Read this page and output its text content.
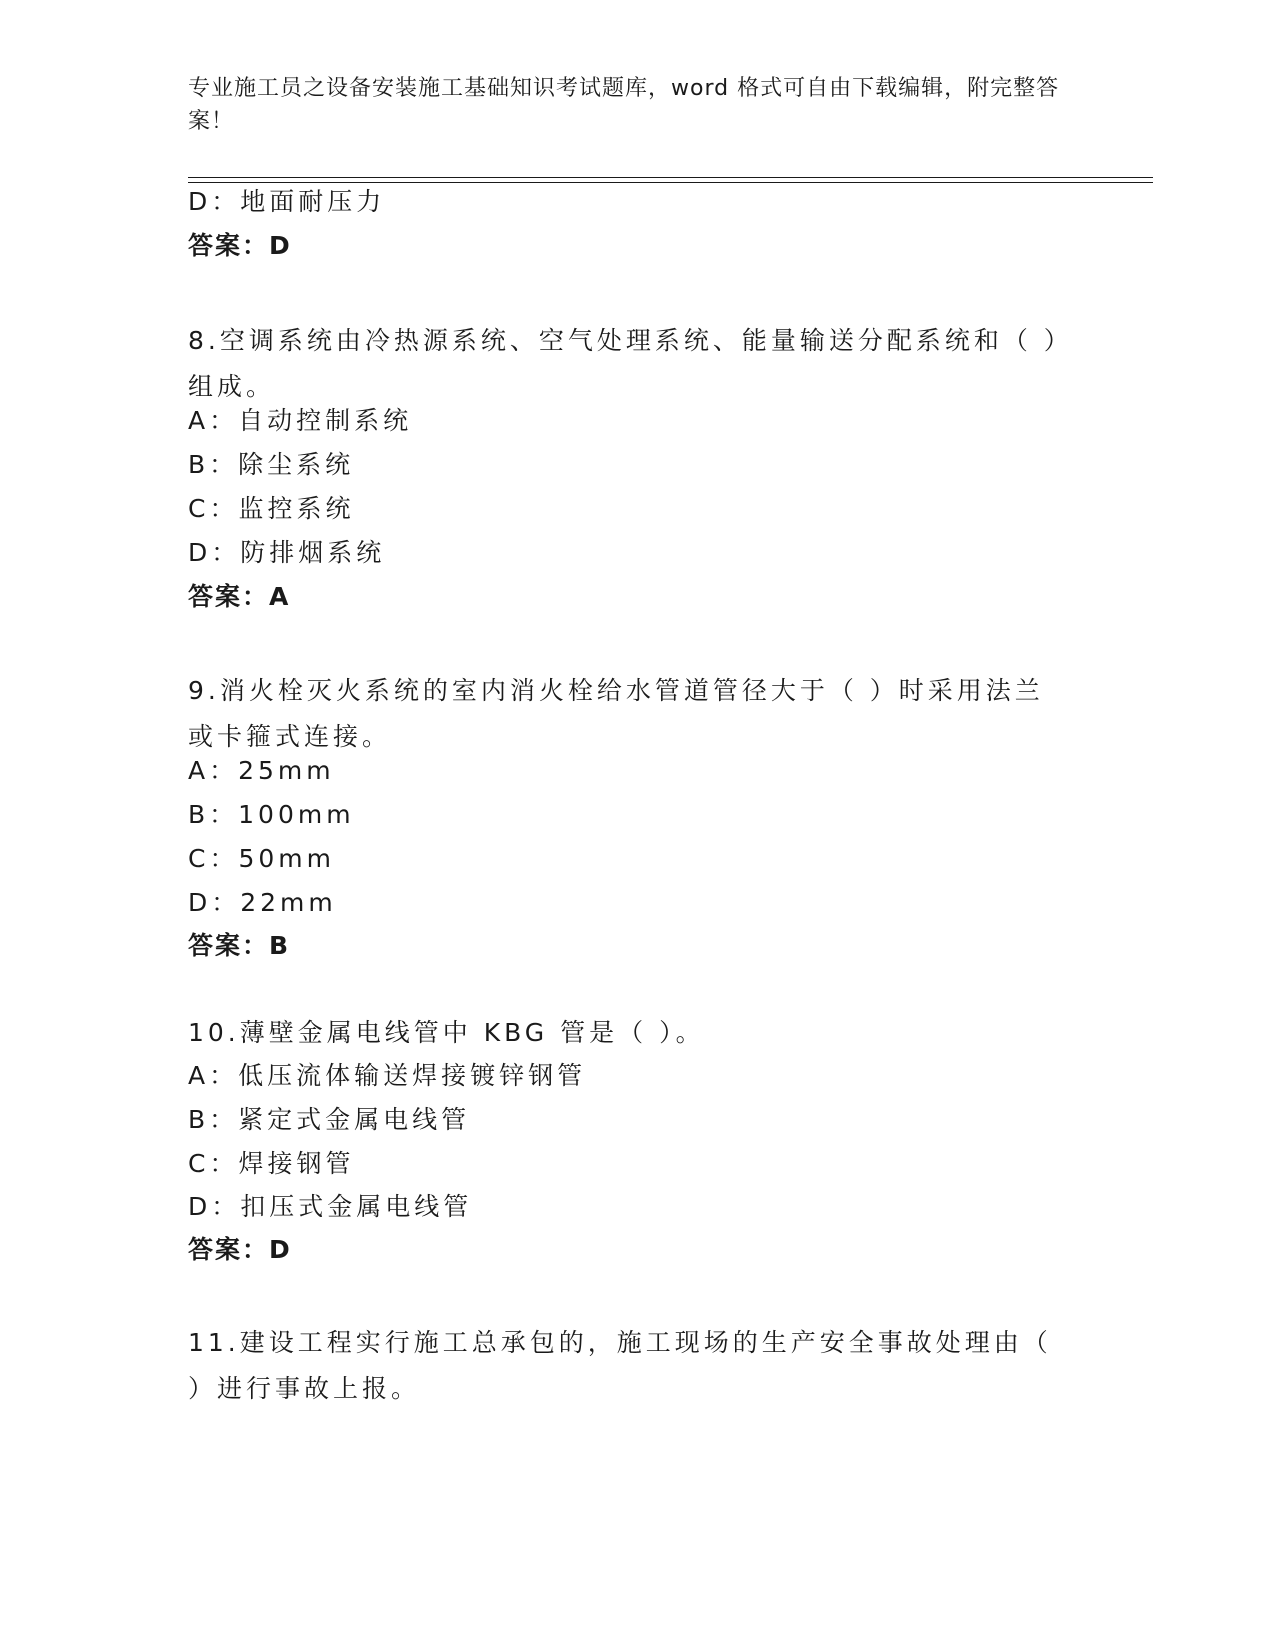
专业施工员之设备安装施工基础知识考试题库，word 格式可自由下载编辑，附完整答案！
D：地面耐压力
答案：D
8.空调系统由冷热源系统、空气处理系统、能量输送分配系统和（ ）组成。
A：自动控制系统
B：除尘系统
C：监控系统
D：防排烟系统
答案：A
9.消火栓灭火系统的室内消火栓给水管道管径大于（ ）时采用法兰或卡箍式连接。
A：25mm
B：100mm
C：50mm
D：22mm
答案：B
10.薄壁金属电线管中 KBG 管是（ ）。
A：低压流体输送焊接镀锌钢管
B：紧定式金属电线管
C：焊接钢管
D：扣压式金属电线管
答案：D
11.建设工程实行施工总承包的，施工现场的生产安全事故处理由（ ）进行事故上报。
